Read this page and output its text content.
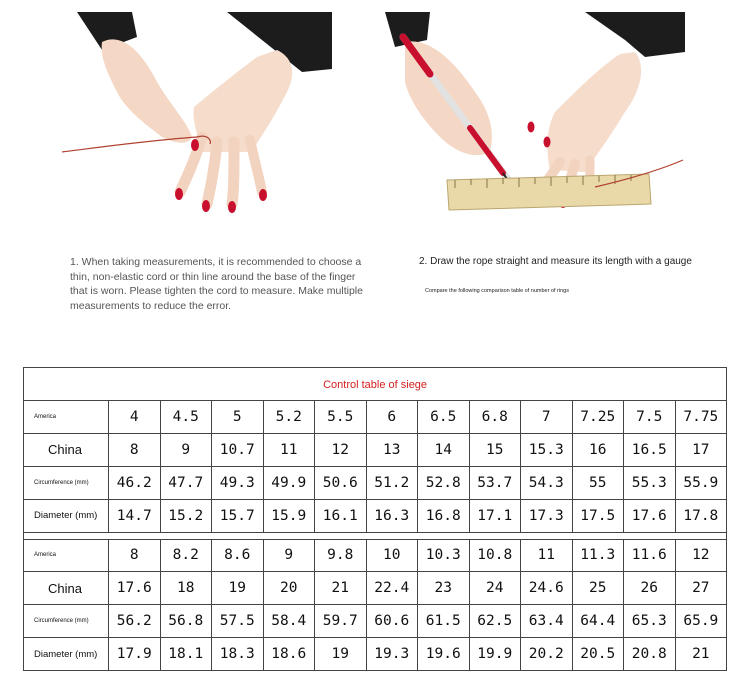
1. When taking measurements, it is recommended to choose a thin, non-elastic cord or thin line around the base of the finger that is worn. Please tighten the cord to measure. Make multiple measurements to reduce the error.
2. Draw the rope straight and measure its length with a gauge
Compare the following comparison table of number of rings
Control table of siege												
America	4	4.5	5	5.2	5.5	6	6.5	6.8	7	7.25	7.5	7.75
China	8	9	10.7	11	12	13	14	15	15.3	16	16.5	17
Circumference (mm)	46.2	47.7	49.3	49.9	50.6	51.2	52.8	53.7	54.3	55	55.3	55.9
Diameter (mm)	14.7	15.2	15.7	15.9	16.1	16.3	16.8	17.1	17.3	17.5	17.6	17.8

America	8	8.2	8.6	9	9.8	10	10.3	10.8	11	11.3	11.6	12
China	17.6	18	19	20	21	22.4	23	24	24.6	25	26	27
Circumference (mm)	56.2	56.8	57.5	58.4	59.7	60.6	61.5	62.5	63.4	64.4	65.3	65.9
Diameter (mm)	17.9	18.1	18.3	18.6	19	19.3	19.6	19.9	20.2	20.5	20.8	21
